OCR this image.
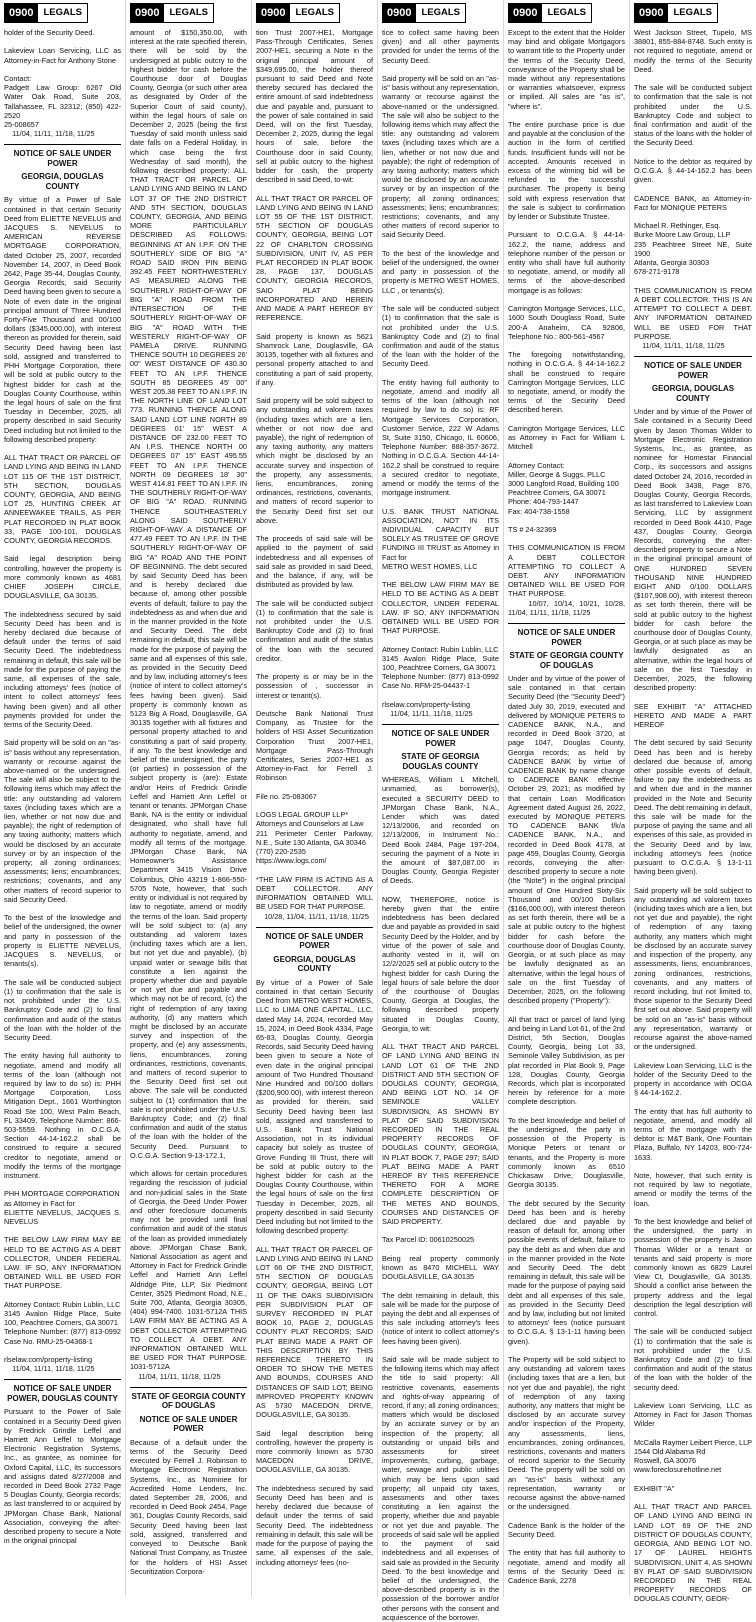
0900	LEGALS
holder of the Security Deed.

Lakeview Loan Servicing, LLC as Attorney-in-Fact for Anthony Stone

Contact:
Padgett Law Group: 6267 Old Water Oak Road, Suite 203, Tallahassee, FL 32312; (850) 422-2520
25-008657
11/04, 11/11, 11/18, 11/25
NOTICE OF SALE UNDER POWER
GEORGIA, DOUGLAS COUNTY
By virtue of a Power of Sale contained in that certain Security Deed from ELIETTE NEVELUS and JACQUES S. NEVELUS to AMERICAN REVERSE MORTGAGE CORPORATION, dated October 25, 2007, recorded November 14, 2007, in Deed Book 2642, Page 35-44, Douglas County, Georgia Records, said Security Deed having been given to secure a Note of even date in the original principal amount of Three Hundred Forty-Five Thousand and 00/100 dollars ($345,000.00), with interest thereon as provided for therein, said Security Deed having been last sold, assigned and transferred to PHH Mortgage Corporation, there will be sold at public outcry to the highest bidder for cash at the Douglas County Courthouse, within the legal hours of sale on the first Tuesday in December, 2025, all property described in said Security Deed including but not limited to the following described property:

ALL THAT TRACT OR PARCEL OF LAND LYING AND BEING IN LAND LOT 115 OF THE 1ST DISTRICT, 5TH SECTION, DOUGLAS COUNTY, GEORGIA, AND BEING LOT 25, HUNTING CREEK AT ANNEEWAKEE TRAILS, AS PER PLAT RECORDED IN PLAT BOOK 33, PAGE 100-101, DOUGLAS COUNTY, GEORGIA RECORDS.

Said legal description being controlling, however the property is more commonly known as 4681 CHIEF JOSEPH CIRCLE, DOUGLASVILLE, GA 30135.

The indebtedness secured by said Security Deed has been and is hereby declared due because of default under the terms of said Security Deed. The indebtedness remaining in default, this sale will be made for the purpose of paying the same, all expenses of the sale, including attorneys' fees (notice of intent to collect attorneys' fees having been given) and all other payments provided for under the terms of the Security Deed.

Said property will be sold on an "as-is" basis without any representation, warranty or recourse against the above-named or the undersigned. The sale will also be subject to the following items which may affect the title: any outstanding ad valorem taxes (including taxes which are a lien, whether or not now due and payable); the right of redemption of any taxing authority; matters which would be disclosed by an accurate survey or by an inspection of the property; all zoning ordinances; assessments; liens; encumbrances; restrictions; covenants, and any other matters of record superior to said Security Deed.

To the best of the knowledge and belief of the undersigned, the owner and party in possession of the property is ELIETTE NEVELUS, JACQUES S. NEVELUS, or tenants(s).

The sale will be conducted subject (1) to confirmation that the sale is not prohibited under the U.S. Bankruptcy Code and (2) to final confirmation and audit of the status of the loan with the holder of the Security Deed.

The entity having full authority to negotiate, amend and modify all terms of the loan (although not required by law to do so) is: PHH Mortgage Corporation, Loss Mitigation Dept., 1661 Worthington Road Ste 100, West Palm Beach, FL 33409, Telephone Number: 866-503-5559. Nothing in O.C.G.A. Section 44-14-162.2 shall be construed to require a secured creditor to negotiate, amend or modify the terms of the mortgage instrument.

PHH MORTGAGE CORPORATION
as Attorney in Fact for
ELIETTE NEVELUS, JACQUES S. NEVELUS

THE BELOW LAW FIRM MAY BE HELD TO BE ACTING AS A DEBT COLLECTOR, UNDER FEDERAL LAW. IF SO, ANY INFORMATION OBTAINED WILL BE USED FOR THAT PURPOSE.

Attorney Contact: Rubin Lublin, LLC
3145 Avalon Ridge Place, Suite 100, Peachtree Corners, GA 30071
Telephone Number: (877) 813-0992 Case No. RMU-25-04368-1

rlselaw.com/property-listing
11/04, 11/11, 11/18, 11/25
NOTICE OF SALE UNDER POWER, DOUGLAS COUNTY
Pursuant to the Power of Sale contained in a Security Deed given by Fredrick Grindle Leffel and Harriett Ann Leffel to Mortgage Electronic Registration Systems, Inc., as grantee, as nominee for Oxford Capital, LLC, its successors and assigns dated 8/27/2008 and recorded in Deed Book 2732 Page 5 Douglas County, Georgia records; as last transferred to or acquired by JPMorgan Chase Bank, National Association, conveying the after-described property to secure a Note in the original principal
0900	LEGALS
amount of $150,350.00, with interest at the rate specified therein, there will be sold by the undersigned at public outcry to the highest bidder for cash before the Courthouse door of Douglas County, Georgia (or such other area as designated by Order of the Superior Court of said county), within the legal hours of sale on December 2, 2025 (being the first Tuesday of said month unless said date falls on a Federal Holiday, in which case being the first Wednesday of said month), the following described property: ALL THAT TRACT OR PARCEL OF LAND LYING AND BEING IN LAND LOT 37 OF THE 2ND DISTRICT AND 5TH SECTION, DOUGLAS COUNTY, GEORGIA, AND BEING MORE PARTICULARLY DESCRIBED AS FOLLOWS: BEGINNING AT AN I.P.F. ON THE SOUTHERLY SIDE OF BIG "A" ROAD SAID IRON PIN BEING 392.45 FEET NORTHWESTERLY AS MEASURED ALONG THE SOUTHERLY RIGHT-OF-WAY OF BIG "A" ROAD FROM THE INTERSECTION OF THE SOUTHERLY RIGHT-OF-WAY OF BIG "A" ROAD WITH THE WESTERLY RIGHT-OF-WAY OF PAMELA DRIVE. RUNNING THENCE SOUTH 10 DEGREES 26' 00" WEST DISTANCE OF 430.30 FEET TO AN I.P.F. THENCE SOUTH 85 DEGREES 45' 00" WEST 205.38 FEET TO AN I.P.F. IN THE NORTH LINE OF LAND LOT 773. RUNNING THENCE ALONG SAID LAND LOT LINE NORTH 89 DEGREES 01' 15" WEST A DISTANCE OF 232.00 FEET TO AN I.P.S. THENCE NORTH 00 DEGREES 07' 15" EAST 495.55 FEET TO AN I.P.F. THENCE NORTH 09 DEGREES 18' 30" WEST 414.81 FEET TO AN I.P.F. IN THE SOUTHERLY RIGHT-OF-WAY OF BIG "A" ROAD. RUNNING THENCE SOUTHEASTERLY ALONG SAID SOUTHERLY RIGHT-OF-WAY A DISTANCE OF 477.49 FEET TO AN I.P.F. IN THE SOUTHERLY RIGHT-OF-WAY OF BIG "A" ROAD AND THE POINT OF BEGINNING. The debt secured by said Security Deed has been and is hereby declared due because of, among other possible events of default, failure to pay the indebtedness as and when due and in the manner provided in the Note and Security Deed. The debt remaining in default, this sale will be made for the purpose of paying the same and all expenses of this sale, as provided in the Security Deed and by law, including attorney's fees (notice of intent to collect attorney's fees having been given). Said property is commonly known as 5123 Big A Road, Douglasville, GA 30135 together with all fixtures and personal property attached to and constituting a part of said property, if any. To the best knowledge and belief of the undersigned, the party (or parties) in possession of the subject property is (are): Estate and/or Heirs of Fredrick Grindle Leffel and Harriett Ann Leffel or tenant or tenants. JPMorgan Chase Bank, NA is the entity or individual designated, who shall have full authority to negotiate, amend, and modify all terms of the mortgage. JPMorgan Chase Bank, NA Homeowner's Assistance Department 3415 Vision Drive Columbus, Ohio 43219 1-866-550-5705 Note, however, that such entity or individual is not required by law to negotiate, amend or modify the terms of the loan. Said property will be sold subject to: (a) any outstanding ad valorem taxes (including taxes which are a lien, but not yet due and payable), (b) unpaid water or sewage bills that constitute a lien against the property whether due and payable or not yet due and payable and which may not be of record, (c) the right of redemption of any taxing authority, (d) any matters which might be disclosed by an accurate survey and inspection of the property, and (e) any assessments, liens, encumbrances, zoning ordinances, restrictions, covenants, and matters of record superior to the Security Deed first set out above. The sale will be conducted subject to (1) confirmation that the sale is not prohibited under the U.S. Bankruptcy Code; and (2) final confirmation and audit of the status of the loan with the holder of the Security Deed. Pursuant to O.C.G.A. Section 9-13-172.1,

which allows for certain procedures regarding the rescission of judicial and non-judicial sales in the State of Georgia, the Deed Under Power and other foreclosure documents may not be provided until final confirmation and audit of the status of the loan as provided immediately above. JPMorgan Chase Bank, National Association as agent and Attorney in Fact for Fredrick Grindle Leffel and Harriett Ann Leffel Aldridge Pite, LLP, Six Piedmont Center, 3525 Piedmont Road, N.E., Suite 700, Atlanta, Georgia 30305, (404) 994-7400. 1031-5712A THIS LAW FIRM MAY BE ACTING AS A DEBT COLLECTOR ATTEMPTING TO COLLECT A DEBT. ANY INFORMATION OBTAINED WILL BE USED FOR THAT PURPOSE. 1031-5712A
11/04, 11/11, 11/18, 11/25
STATE OF GEORGIA COUNTY OF DOUGLAS
NOTICE OF SALE UNDER POWER
Because of a default under the terms of the Security Deed executed by Ferrell J. Robinson to Mortgage Electronic Registration Systems, Inc., as Nominee for Accredited Home Lenders, Inc. dated September 28, 2006, and recorded in Deed Book 2454, Page 361, Douglas County Records, said Security Deed having been last sold, assigned, transferred and conveyed to Deutsche Bank National Trust Company, as Trustee for the holders of HSI Asset Securitization Corpora-
0900	LEGALS
tion Trust 2007-HE1, Mortgage Pass-Through Certificates, Series 2007-HE1, securing a Note in the original principal amount of $349,695.00, the holder thereof pursuant to said Deed and Note thereby secured has declared the entire amount of said indebtedness due and payable and, pursuant to the power of sale contained in said Deed, will on the first Tuesday, December 2, 2025, during the legal hours of sale, before the Courthouse door in said County, sell at public outcry to the highest bidder for cash, the property described in said Deed, to-wit:

ALL THAT TRACT OR PARCEL OF LAND LYING AND BEING IN LAND LOT 55 OF THE 1ST DISTRICT, 5TH SECTION OF DOUGLAS COUNTY, GEORGIA, BEING LOT 22 OF CHARLTON CROSSING SUBDIVISION, UNIT IV, AS PER PLAT RECORDED IN PLAT BOOK 28, PAGE 137, DOUGLAS COUNTY, GEORGIA RECORDS, SAID PLAT BEING INCORPORATED AND HEREIN AND MADE A PART HEREOF BY REFERENCE.

Said property is known as 5621 Shamrock Lane, Douglasville, GA 30135, together with all fixtures and personal property attached to and constituting a part of said property, if any.

Said property will be sold subject to any outstanding ad valorem taxes (including taxes which are a lien, whether or not now due and payable), the right of redemption of any taxing authority, any matters which might be disclosed by an accurate survey and inspection of the property, any assessments, liens, encumbrances, zoning ordinances, restrictions, covenants, and matters of record superior to the Security Deed first set out above.

The proceeds of said sale will be applied to the payment of said indebtedness and all expenses of said sale as provided in said Deed, and the balance, if any, will be distributed as provided by law.

The sale will be conducted subject (1) to confirmation that the sale is not prohibited under the U.S. Bankruptcy Code and (2) to final confirmation and audit of the status of the loan with the secured creditor.

The property is or may be in the possession of , successor in interest or tenant(s).

Deutsche Bank National Trust Company, as Trustee for the holders of HSI Asset Securitization Corporation Trust 2007-HE1, Mortgage Pass-Through Certificates, Series 2007-HE1 as Attorney-in-Fact for Ferrell J. Robinson

File no. 25-083067

LOGS LEGAL GROUP LLP*
Attorneys and Counselors at Law
211 Perimeter Center Parkway, N.E., Suite 130 Atlanta, GA 30346
(770) 220-2535
https://www.logs.com/

*THE LAW FIRM IS ACTING AS A DEBT COLLECTOR. ANY INFORMATION OBTAINED WILL BE USED FOR THAT PURPOSE.
10/28, 11/04, 11/11, 11/18, 11/25
NOTICE OF SALE UNDER POWER
GEORGIA, DOUGLAS COUNTY
By virtue of a Power of Sale contained in that certain Security Deed from METRO WEST HOMES, LLC to LIMA ONE CAPITAL, LLC, dated May 14, 2024, recorded May 15, 2024, in Deed Book 4334, Page 65-83, Douglas County, Georgia Records, said Security Deed having been given to secure a Note of even date in the original principal amount of Two Hundred Thousand Nine Hundred and 00/100 dollars ($200,900.00), with interest thereon as provided for therein, said Security Deed having been last sold, assigned and transferred to U.S. Bank Trust National Association, not in its individual capacity but solely as trustee of Grove Funding III Trust, there will be sold at public outcry to the highest bidder for cash at the Douglas County Courthouse, within the legal hours of sale on the first Tuesday in December, 2025, all property described in said Security Deed including but not limited to the following described property:

ALL THAT TRACT OR PARCEL OF LAND LYING AND BEING IN LAND LOT 66 OF THE 2ND DISTRICT, 5TH SECTION OF DOUGLAS COUNTY, GEORGIA, BEING LOT 11 OF THE OAKS SUBDIVISION PER SUBDIVISION PLAT OF SURVEY RECORDED IN PLAT BOOK 10, PAGE 2, DOUGLAS COUNTY PLAT RECORDS; SAID PLAT BEING MADE A PART OF THIS DESCRIPTION BY THIS REFERENCE THERETO IN ORDER TO SHOW THE METES AND BOUNDS, COURSES AND DISTANCES OF SAID LOT; BEING IMPROVED PROPERTY KNOWN AS 5730 MACEDON DRIVE, DOUGLASVILLE, GA 30135.

Said legal description being controlling, however the property is more commonly known as 5730 MACEDON DRIVE, DOUGLASVILLE, GA 30135.

The indebtedness secured by said Security Deed has been and is hereby declared due because of default under the terms of said Security Deed. The indebtedness remaining in default, this sale will be made for the purpose of paying the same, all expenses of the sale, including attorneys' fees (no-
0900	LEGALS
tice to collect same having been given) and all other payments provided for under the terms of the Security Deed.

Said property will be sold on an "as-is" basis without any representation, warranty or recourse against the above-named or the undersigned. The sale will also be subject to the following items which may affect the title: any outstanding ad valorem taxes (including taxes which are a lien, whether or not now due and payable); the right of redemption of any taxing authority; matters which would be disclosed by an accurate survey or by an inspection of the property; all zoning ordinances; assessments; liens; encumbrances; restrictions; covenants, and any other matters of record superior to said Security Deed.

To the best of the knowledge and belief of the undersigned, the owner and party in possession of the property is METRO WEST HOMES, LLC , or tenants(s).

The sale will be conducted subject (1) to confirmation that the sale is not prohibited under the U.S. Bankruptcy Code and (2) to final confirmation and audit of the status of the loan with the holder of the Security Deed.

The entity having full authority to negotiate, amend and modify all terms of the loan (although not required by law to do so) is: RF Mortgage Services Corporation, Customer Service, 222 W Adams St, Suite 3150, Chicago, IL 60606, Telephone Number: 888-357-3672. Nothing in O.C.G.A. Section 44-14-162.2 shall be construed to require a secured creditor to negotiate, amend or modify the terms of the mortgage instrument.

U.S. BANK TRUST NATIONAL ASSOCIATION, NOT IN ITS INDIVIDUAL CAPACITY BUT SOLELY AS TRUSTEE OF GROVE FUNDING III TRUST as Attorney in Fact for
METRO WEST HOMES, LLC

THE BELOW LAW FIRM MAY BE HELD TO BE ACTING AS A DEBT COLLECTOR, UNDER FEDERAL LAW. IF SO, ANY INFORMATION OBTAINED WILL BE USED FOR THAT PURPOSE.

Attorney Contact: Rubin Lublin, LLC
3145 Avalon Ridge Place, Suite 100, Peachtree Corners, GA 30071
Telephone Number: (877) 813-0992 Case No. RFM-25-04437-1

rlselaw.com/property-listing
11/04, 11/11, 11/18, 11/25
NOTICE OF SALE UNDER POWER
STATE OF GEORGIA DOUGLAS COUNTY
WHEREAS, William L Mitchell, unmarried, as borrower(s), executed a SECURITY DEED to JPMorgan Chase Bank, N.A., Lender which was dated 12/13/2006, and recorded on 12/13/2006, in Instrument No.: Deed Book 2484, Page 197-204, securing the payment of a Note in the amount of $87,087.00 in Douglas County, Georgia Register of Deeds.

NOW, THEREFORE, notice is hereby given that the entire indebtedness has been declared due and payable as provided in said Security Deed by the Holder, and by virtue of the power of sale and authority vested in it, will on 12/2/2025 sell at public outcry to the highest bidder for cash During the legal hours of sale before the door of the courthouse of Douglas County, Georgia at Douglas, the following described property situated in Douglas County, Georgia, to wit:

ALL THAT TRACT AND PARCEL OF LAND LYING AND BEING IN LAND LOT 61 OF THE 2ND DISTRICT AND 5TH SECTION OF DOUGLAS COUNTY, GEORGIA, AND BEING LOT NO. 14 OF SEMINOLE VALLEY SUBDIVISION, AS SHOWN BY PLAT OF SAID SUBDIVISION RECORDED IN THE REAL PROPERTY RECORDS OF DOUGLAS COUNTY, GEORGIA, IN PLAT BOOK 7, PAGE 297; SAID PLAT BEING MADE A PART HEREOF BY THIS REFERENCE THERETO FOR A MORE COMPLETE DESCRIPTION OF THE METES AND BOUNDS, COURSES AND DISTANCES OF SAID PROPERTY.

Tax Parcel ID: 00610250025

Being real property commonly known as 8470 MICHELL WAY DOUGLASVILLE, GA 30135

The debt remaining in default, this sale will be made for the purpose of paying the debt and all expenses of this sale including attorney's fees (notice of intent to collect attorney's fees having been given).

Said sale will be made subject to the following items which may affect the title to said property: All restrictive covenants, easements and rights-of-way appearing of record, if any; all zoning ordinances; matters which would be disclosed by an accurate survey or by an inspection of the property; all outstanding or unpaid bills and assessments for street improvements, curbing, garbage, water, sewage and public utilities which may be liens upon said property; all unpaid city taxes, assessments and other taxes constituting a lien against the property, whether due and payable or not yet due and payable. The proceeds of said sale will be applied to the payment of said indebtedness and all expenses of said sale as provided in the Security Deed. To the best knowledge and belief of the undersigned, the above-described property is in the possession of the borrower and/or other persons with the consent and acquiescence of the borrower.
0900	LEGALS
Except to the extent that the Holder may bind and obligate Mortgagors to warrant title to the Property under the terms of the Security Deed, conveyance of the Property shall be made without any representations or warranties whatsoever, express or implied. All sales are "as is", "where is".

The entire purchase price is due and payable at the conclusion of the auction in the form of certified funds. Insufficient funds will not be accepted. Amounts received in excess of the winning bid will be refunded to the successful purchaser. The property is being sold with express reservation that the sale is subject to confirmation by lender or Substitute Trustee.

Pursuant to O.C.G.A. § 44-14-162.2, the name, address and telephone number of the person or entity who shall have full authority to negotiate, amend, or modify all terms of the above-described mortgage is as follows:

Carrington Mortgage Services, LLC, 1600 South Douglass Road, Suite 200-A Anaheim, CA 92806, Telephone No.: 800-561-4567

The foregoing notwithstanding, nothing in O.C.G.A. § 44-14-162.2 shall be construed to require Carrington Mortgage Services, LLC to negotiate, amend, or modify the terms of the Security Deed described herein.

Carrington Mortgage Services, LLC as Attorney in Fact for William L Mitchell

Attorney Contact:
Miller, George & Suggs, PLLC
3000 Langford Road, Building 100
Peachtree Corners, GA 30071
Phone: 404-793-1447
Fax: 404-738-1558

TS # 24-32369

THIS COMMUNICATION IS FROM A DEBT COLLECTOR ATTEMPTING TO COLLECT A DEBT. ANY INFORMATION OBTAINED WILL BE USED FOR THAT PURPOSE.
10/07, 10/14, 10/21, 10/28, 11/04, 11/11, 11/18, 11/25
NOTICE OF SALE UNDER POWER
STATE OF GEORGIA COUNTY OF DOUGLAS
Under and by virtue of the power of sale contained in that certain Security Deed (the "Security Deed") dated July 30, 2019, executed and delivered by MONIQUE PETERS to CADENCE BANK, N.A., and recorded in Deed Book 3720, at page 1047, Douglas County, Georgia records; as held by CADENCE BANK by virtue of CADENCE BANK by name change to CADENCE BANK effective October 29, 2021; as modified by that certain Loan Modification Agreement dated August 26, 2022, executed by MONIQUE PETERS TO CADENCE BANK f/k/a CADENCE BANK, N.A., and recorded in Deed Book 4178, at page 459, Douglas County, Georgia records, conveying the after-described property to secure a note (the "Note") in the original principal amount of One Hundred Sixty-Six Thousand and 00/100 Dollars ($166,000.00), with interest thereon as set forth therein, there will be a sale at public outcry to the highest bidder for cash before the courthouse door of Douglas County, Georgia, or at such place as may be lawfully designated as an alternative, within the legal hours of sale on the first Tuesday of December, 2025, on the following described property ("Property"):

All that tract or parcel of land lying and being in Land Lot 61, of the 2nd District, 5th Section, Douglas County, Georgia, being Lot 33, Seminole Valley Subdivision, as per plat recorded in Plat Book 9, Page 128, Douglas County, Georgia Records, which plat is incorporated herein by reference for a more complete description.

To the best knowledge and belief of the undersigned, the party in possession of the Property is Monique Peters or tenant or tenants, and the Property is more commonly known as 6510 Chickasaw Drive, Douglasville, Georgia 30135.

The debt secured by the Security Deed has been and is hereby declared due and payable by reason of default for, among other possible events of default, failure to pay the debt as and when due and in the manner provided in the Note and Security Deed. The debt remaining in default, this sale will be made for the purpose of paying said debt and all expenses of this sale, as provided in the Security Deed and by law, including but not limited to attorneys' fees (notice pursuant to O.C.G.A. § 13-1-11 having been given).

The Property will be sold subject to any outstanding ad valorem taxes (including taxes that are a lien, but not yet due and payable), the right of redemption of any taxing authority, any matters that might be disclosed by an accurate survey and/or inspection of the Property, any assessments, liens, encumbrances, zoning ordinances, restrictions, covenants and matters of record superior to the Security Deed. The property will be sold on an "as-is" basis without any representation, warranty or recourse against the above-named or the undersigned.

Cadence Bank is the holder of the Security Deed.

The entity that has full authority to negotiate, amend and modify all terms of the Security Deed is: Cadence Bank, 2278
0900	LEGALS
West Jackson Street, Tupelo, MS 38801, 855-884-8748. Such entity is not required to negotiate, amend or modify the terms of the Security Deed.

The sale will be conducted subject to confirmation that the sale is not prohibited under the U.S. Bankruptcy Code and subject to final confirmation and audit of the status of the loans with the holder of the Security Deed.

Notice to the debtor as required by O.C.G.A. § 44-14-162.2 has been given.

CADENCE BANK, as Attorney-in-Fact for MONIQUE PETERS

Michael R. Rethinger, Esq.
Burke Moore Law Group, LLP
235 Peachtree Street NE, Suite 1900
Atlanta, Georgia 30303
678-271-9178

THIS COMMUNICATION IS FROM A DEBT COLLECTOR. THIS IS AN ATTEMPT TO COLLECT A DEBT. ANY INFORMATION OBTAINED WILL BE USED FOR THAT PURPOSE.
11/04, 11/11, 11/18, 11/25
NOTICE OF SALE UNDER POWER
GEORGIA, DOUGLAS COUNTY
Under and by virtue of the Power of Sale contained in a Security Deed given by Jason Thomas Wilder to Mortgage Electronic Registration Systems, Inc., as grantee, as nominee for Homestar Financial Corp., its successors and assigns dated October 24, 2016, recorded in Deed Book 3438, Page 876, Douglas County, Georgia Records, as last transferred to Lakeview Loan Servicing, LLC by assignment recorded in Deed Book 4410, Page 437, Douglas County, Georgia Records, conveying the after-described property to secure a Note in the original principal amount of ONE HUNDRED SEVEN THOUSAND NINE HUNDRED EIGHT AND 0/100 DOLLARS ($107,908.00), with interest thereon as set forth therein, there will be sold at public outcry to the highest bidder for cash before the courthouse door of Douglas County, Georgia, or at such place as may be lawfully designated as an alternative, within the legal hours of sale on the first Tuesday in December, 2025, the following described property:

SEE EXHIBIT "A" ATTACHED HERETO AND MADE A PART HEREOF

The debt secured by said Security Deed has been and is hereby declared due because of, among other possible events of default, failure to pay the indebtedness as and when due and in the manner provided in the Note and Security Deed. The debt remaining in default, this sale will be made for the purpose of paying the same and all expenses of this sale, as provided in the Security Deed and by law, including attorney's fees (notice pursuant to O.C.G.A. § 13-1-11 having been given).

Said property will be sold subject to any outstanding ad valorem taxes (including taxes which are a lien, but not yet due and payable), the right of redemption of any taxing authority, any matters which might be disclosed by an accurate survey and inspection of the property, any assessments, liens, encumbrances, zoning ordinances, restrictions, covenants, and any matters of record including, but not limited to, those superior to the Security Deed first set out above. Said property will be sold on an "as-is" basis without any representation, warranty or recourse against the above-named or the undersigned.

Lakeview Loan Servicing, LLC is the holder of the Security Deed to the property in accordance with OCGA § 44-14-162.2.

The entity that has full authority to negotiate, amend, and modify all terms of the mortgage with the debtor is: M&T Bank, One Fountain Plaza, Buffalo, NY 14203, 800-724-1633.

Note, however, that such entity is not required by law to negotiate, amend or modify the terms of the loan.

To the best knowledge and belief of the undersigned, the party in possession of the property is Jason Thomas Wilder or a tenant or tenants and said property is more commonly known as 6829 Laurel View Ct, Douglasville, GA 30135. Should a conflict arise between the property address and the legal description the legal description will control.

The sale will be conducted subject (1) to confirmation that the sale is not prohibited under the U.S. Bankruptcy Code and (2) to final confirmation and audit of the status of the loan with the holder of the security deed.

Lakeview Loan Servicing, LLC as Attorney in Fact for Jason Thomas Wilder

McCalla Raymer Leibert Pierce, LLP
1544 Old Alabama Rd
Roswell, GA 30076
www.foreclosurehotline.net

EXHIBIT "A"

ALL THAT TRACT AND PARCEL OF LAND LYING AND BEING IN LAND LOT 69 OF THE 2ND DISTRICT OF DOUGLAS COUNTY, GEORGIA, AND BEING LOT NO. 17 OF LAUREL HEIGHTS SUBDIVISION, UNIT 4, AS SHOWN BY PLAT OF SAID SUBDIVISION RECORDED IN THE REAL PROPERTY RECORDS OF DOUGLAS COUNTY, GEOR-
